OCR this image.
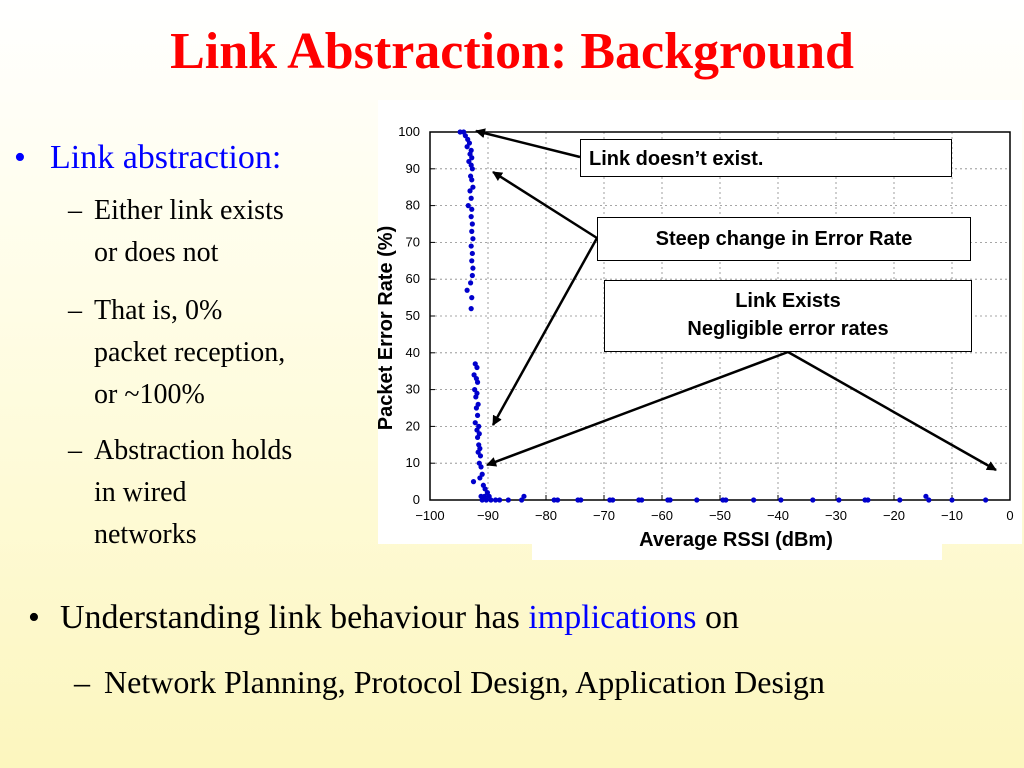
Link Abstraction: Background
• Link abstraction:
– Either link exists
or does not
– That is, 0%
packet reception,
or ~100%
– Abstraction holds
in wired
networks
−100 −90	−80	−70	−60	−50	−40	−30	−20	−10	0
0
10
20
30
40
50
60
70
80
90
100
Packet Error Rate (%)
Average RSSI (dBm)
Link doesn’t exist.
Steep change in Error Rate
Link Exists
Negligible error rates
• Understanding link behaviour has implications on
– Network Planning, Protocol Design, Application Design
